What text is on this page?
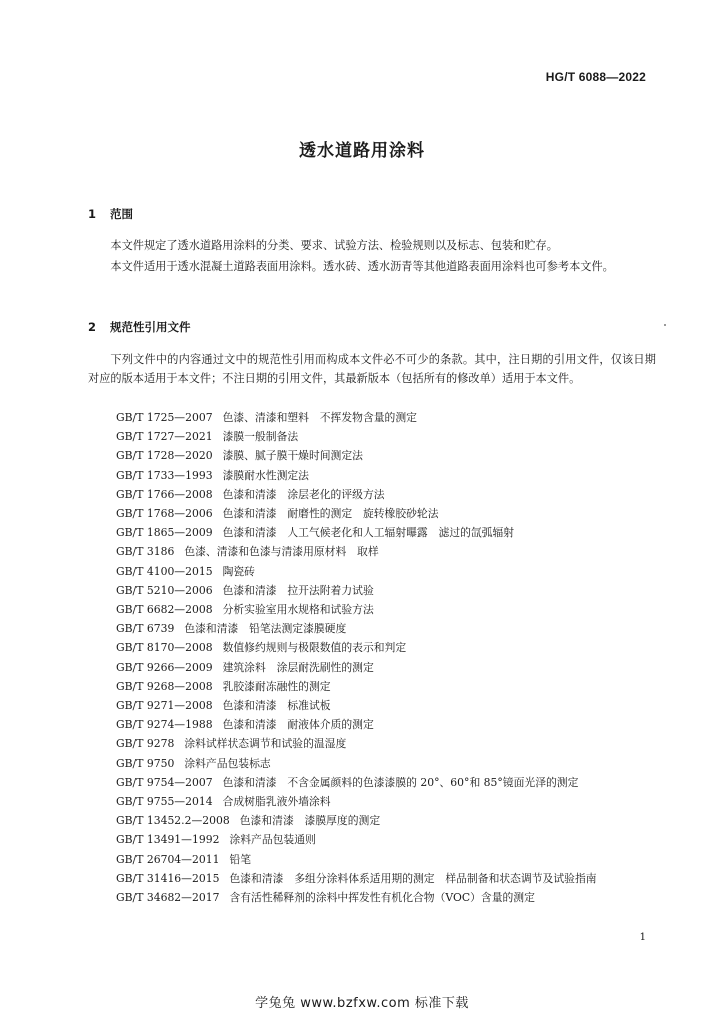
HG/T 6088—2022
透水道路用涂料
1 范围
本文件规定了透水道路用涂料的分类、要求、试验方法、检验规则以及标志、包装和贮存。
本文件适用于透水混凝土道路表面用涂料。透水砖、透水沥青等其他道路表面用涂料也可参考本文件。
2 规范性引用文件
下列文件中的内容通过文中的规范性引用而构成本文件必不可少的条款。其中，注日期的引用文件，仅该日期对应的版本适用于本文件；不注日期的引用文件，其最新版本（包括所有的修改单）适用于本文件。
GB/T 1725—2007 色漆、清漆和塑料　不挥发物含量的测定
GB/T 1727—2021 漆膜一般制备法
GB/T 1728—2020 漆膜、腻子膜干燥时间测定法
GB/T 1733—1993 漆膜耐水性测定法
GB/T 1766—2008 色漆和清漆　涂层老化的评级方法
GB/T 1768—2006 色漆和清漆　耐磨性的测定　旋转橡胶砂轮法
GB/T 1865—2009 色漆和清漆　人工气候老化和人工辐射曝露　滤过的氙弧辐射
GB/T 3186 色漆、清漆和色漆与清漆用原材料　取样
GB/T 4100—2015 陶瓷砖
GB/T 5210—2006 色漆和清漆　拉开法附着力试验
GB/T 6682—2008 分析实验室用水规格和试验方法
GB/T 6739 色漆和清漆　铅笔法测定漆膜硬度
GB/T 8170—2008 数值修约规则与极限数值的表示和判定
GB/T 9266—2009 建筑涂料　涂层耐洗刷性的测定
GB/T 9268—2008 乳胶漆耐冻融性的测定
GB/T 9271—2008 色漆和清漆　标准试板
GB/T 9274—1988 色漆和清漆　耐液体介质的测定
GB/T 9278 涂料试样状态调节和试验的温湿度
GB/T 9750 涂料产品包装标志
GB/T 9754—2007 色漆和清漆　不含金属颜料的色漆漆膜的 20°、60°和 85°镜面光泽的测定
GB/T 9755—2014 合成树脂乳液外墙涂料
GB/T 13452.2—2008 色漆和清漆　漆膜厚度的测定
GB/T 13491—1992 涂料产品包装通则
GB/T 26704—2011 铅笔
GB/T 31416—2015 色漆和清漆　多组分涂料体系适用期的测定　样品制备和状态调节及试验指南
GB/T 34682—2017 含有活性稀释剂的涂料中挥发性有机化合物（VOC）含量的测定
1
学兔兔 www.bzfxw.com 标准下载
